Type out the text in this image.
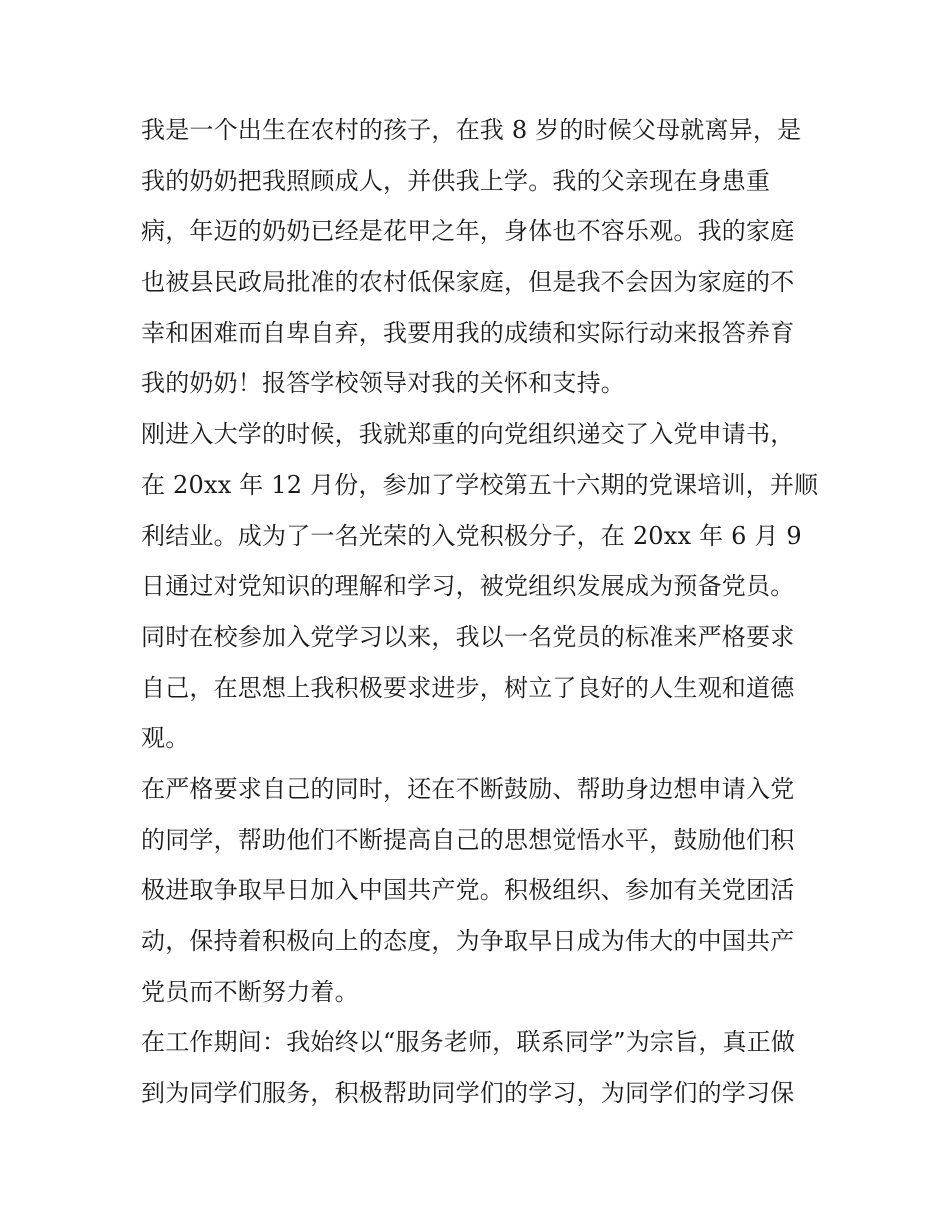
我是一个出生在农村的孩子，在我 8 岁的时候父母就离异，是
我的奶奶把我照顾成人，并供我上学。我的父亲现在身患重
病，年迈的奶奶已经是花甲之年，身体也不容乐观。我的家庭
也被县民政局批准的农村低保家庭，但是我不会因为家庭的不
幸和困难而自卑自弃，我要用我的成绩和实际行动来报答养育
我的奶奶！报答学校领导对我的关怀和支持。
刚进入大学的时候，我就郑重的向党组织递交了入党申请书，
在 20xx 年 12 月份，参加了学校第五十六期的党课培训，并顺
利结业。成为了一名光荣的入党积极分子，在 20xx 年 6 月 9
日通过对党知识的理解和学习，被党组织发展成为预备党员。
同时在校参加入党学习以来，我以一名党员的标准来严格要求
自己，在思想上我积极要求进步，树立了良好的人生观和道德
观。
在严格要求自己的同时，还在不断鼓励、帮助身边想申请入党
的同学，帮助他们不断提高自己的思想觉悟水平，鼓励他们积
极进取争取早日加入中国共产党。积极组织、参加有关党团活
动，保持着积极向上的态度，为争取早日成为伟大的中国共产
党员而不断努力着。
在工作期间：我始终以“服务老师，联系同学”为宗旨，真正做
到为同学们服务，积极帮助同学们的学习，为同学们的学习保
